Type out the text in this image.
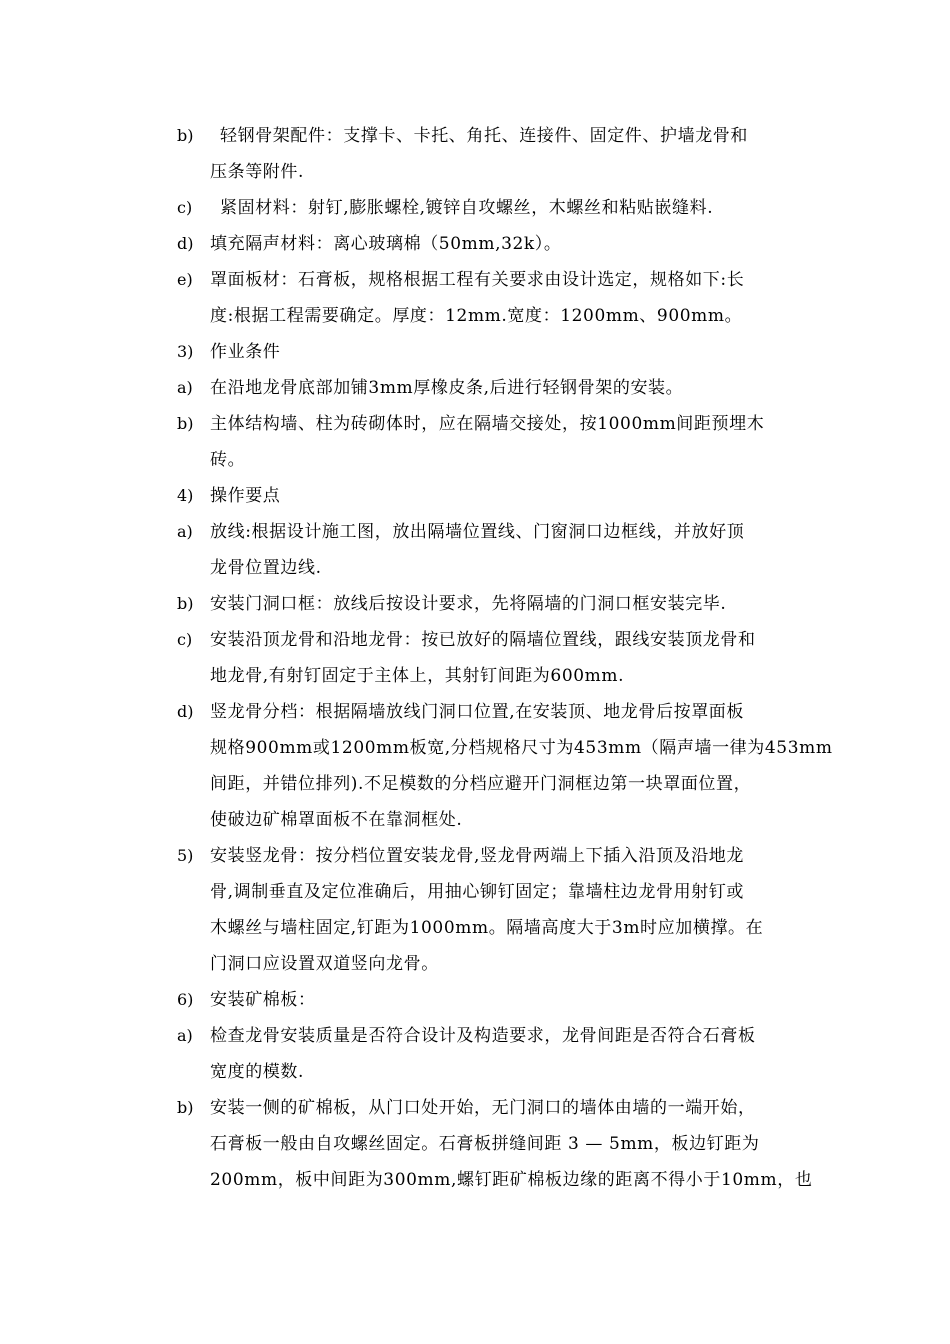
b)	轻钢骨架配件：支撑卡、卡托、角托、连接件、固定件、护墙龙骨和
压条等附件.
c)	紧固材料：射钉,膨胀螺栓,镀锌自攻螺丝，木螺丝和粘贴嵌缝料.
d) 填充隔声材料：离心玻璃棉（50mm,32k）。
e) 罩面板材：石膏板，规格根据工程有关要求由设计选定，规格如下:长
度:根据工程需要确定。厚度：12mm.宽度：1200mm、900mm。
3) 作业条件
a) 在沿地龙骨底部加铺3mm厚橡皮条,后进行轻钢骨架的安装。
b) 主体结构墙、柱为砖砌体时，应在隔墙交接处，按1000mm间距预埋木
砖。
4) 操作要点
a) 放线:根据设计施工图，放出隔墙位置线、门窗洞口边框线，并放好顶
龙骨位置边线.
b) 安装门洞口框：放线后按设计要求，先将隔墙的门洞口框安装完毕.
c) 安装沿顶龙骨和沿地龙骨：按已放好的隔墙位置线，跟线安装顶龙骨和
地龙骨,有射钉固定于主体上，其射钉间距为600mm.
d) 竖龙骨分档：根据隔墙放线门洞口位置,在安装顶、地龙骨后按罩面板
规格900mm或1200mm板宽,分档规格尺寸为453mm（隔声墙一律为453mm
间距，并错位排列).不足模数的分档应避开门洞框边第一块罩面位置，
使破边矿棉罩面板不在靠洞框处.
5) 安装竖龙骨：按分档位置安装龙骨,竖龙骨两端上下插入沿顶及沿地龙
骨,调制垂直及定位准确后，用抽心铆钉固定；靠墙柱边龙骨用射钉或
木螺丝与墙柱固定,钉距为1000mm。隔墙高度大于3m时应加横撑。在
门洞口应设置双道竖向龙骨。
6) 安装矿棉板：
a) 检查龙骨安装质量是否符合设计及构造要求，龙骨间距是否符合石膏板
宽度的模数.
b) 安装一侧的矿棉板，从门口处开始，无门洞口的墙体由墙的一端开始，
石膏板一般由自攻螺丝固定。石膏板拼缝间距 3 — 5mm，板边钉距为
200mm，板中间距为300mm,螺钉距矿棉板边缘的距离不得小于10mm，也
